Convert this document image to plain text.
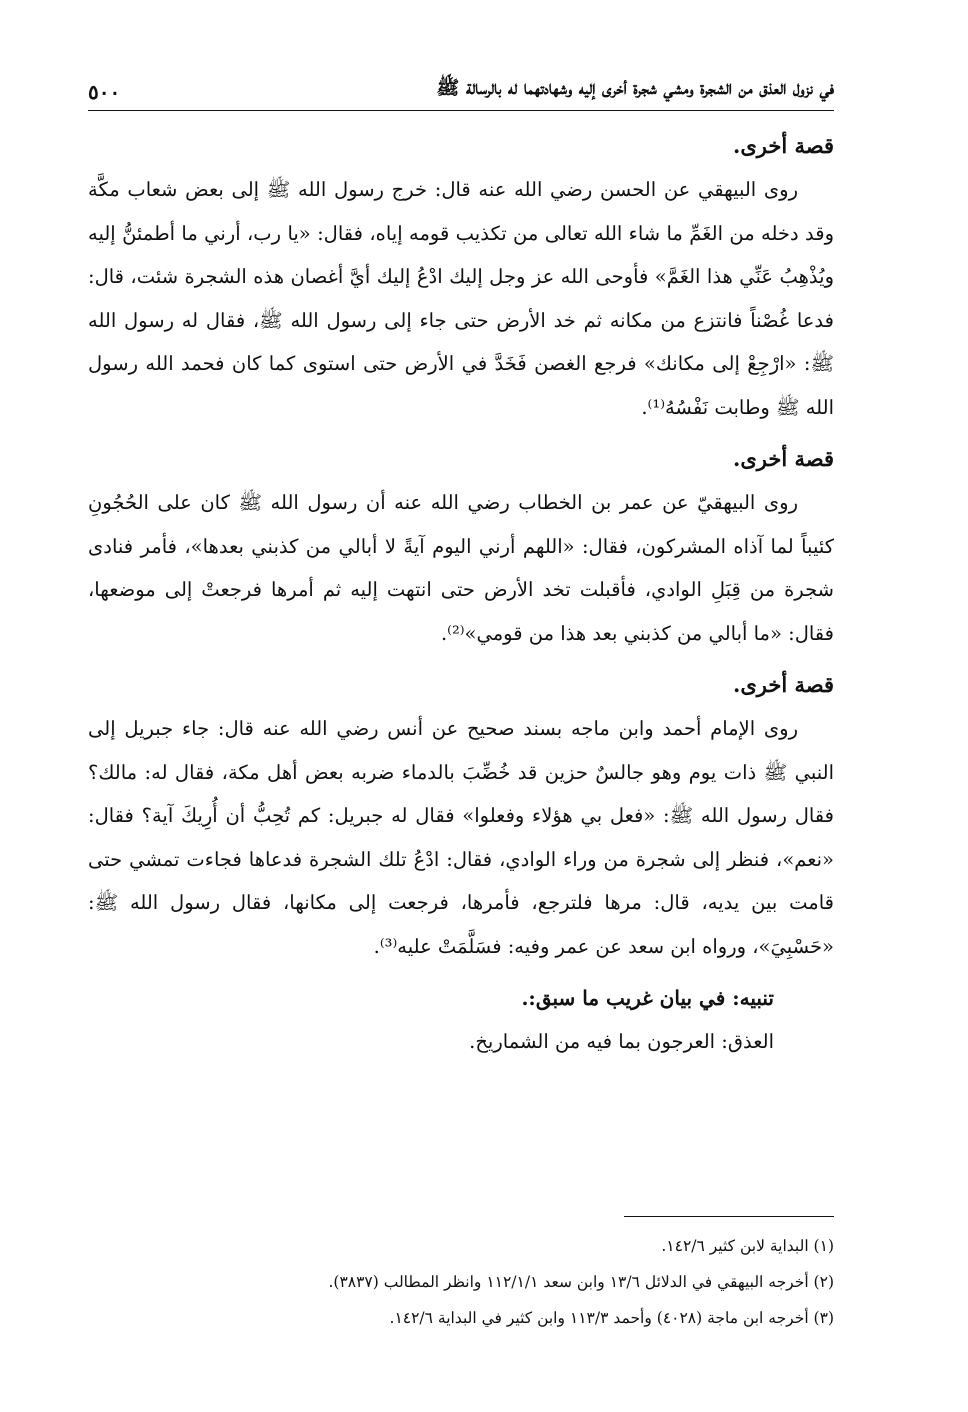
في نزول العذق من الشجرة ومشي شجرة أخرى إليه وشهادتهما له بالرسالة ﷺ
٥٠٠
قصة أخرى.

روى البيهقي عن الحسن رضي الله عنه قال: خرج رسول الله ﷺ إلى بعض شعاب مكَّة وقد دخله من الغَمِّ ما شاء الله تعالى من تكذيب قومه إياه، فقال: «يا رب، أرني ما أطمئنُّ إليه ويُذْهِبُ عَنِّي هذا الغَمَّ» فأوحى الله عز وجل إليك ادْعُ إليك أيَّ أغصان هذه الشجرة شئت، قال: فدعا غُصْناً فانتزع من مكانه ثم خد الأرض حتى جاء إلى رسول الله ﷺ، فقال له رسول الله ﷺ: «ارْجِعْ إلى مكانك» فرجع الغصن فَخَدَّ في الأرض حتى استوى كما كان فحمد الله رسول الله ﷺ وطابت نَفْسُهُ⁽¹⁾.

قصة أخرى.

روى البيهقيّ عن عمر بن الخطاب رضي الله عنه أن رسول الله ﷺ كان على الحُجُونِ كئيباً لما آذاه المشركون، فقال: «اللهم أرني اليوم آيةً لا أبالي من كذبني بعدها»، فأمر فنادى شجرة من قِبَلِ الوادي، فأقبلت تخد الأرض حتى انتهت إليه ثم أمرها فرجعتْ إلى موضعها، فقال: «ما أبالي من كذبني بعد هذا من قومي»⁽²⁾.

قصة أخرى.

روى الإمام أحمد وابن ماجه بسند صحيح عن أنس رضي الله عنه قال: جاء جبريل إلى النبي ﷺ ذات يوم وهو جالسٌ حزين قد خُضِّبَ بالدماء ضربه بعض أهل مكة، فقال له: مالك؟ فقال رسول الله ﷺ: «فعل بي هؤلاء وفعلوا» فقال له جبريل: كم تُحِبُّ أن أُرِيكَ آية؟ فقال: «نعم»، فنظر إلى شجرة من وراء الوادي، فقال: ادْعُ تلك الشجرة فدعاها فجاءت تمشي حتى قامت بين يديه، قال: مرها فلترجع، فأمرها، فرجعت إلى مكانها، فقال رسول الله ﷺ: «حَسْبِيَ»، ورواه ابن سعد عن عمر وفيه: فسَلَّمَتْ عليه⁽³⁾.

تنبيه: في بيان غريب ما سبق:.

العذق: العرجون بما فيه من الشماريخ.

(١) البداية لابن كثير ١٤٢/٦.

(٢) أخرجه البيهقي في الدلائل ١٣/٦ وابن سعد ١١٢/١/١ وانظر المطالب (٣٨٣٧).

(٣) أخرجه ابن ماجة (٤٠٢٨) وأحمد ١١٣/٣ وابن كثير في البداية ١٤٢/٦.
